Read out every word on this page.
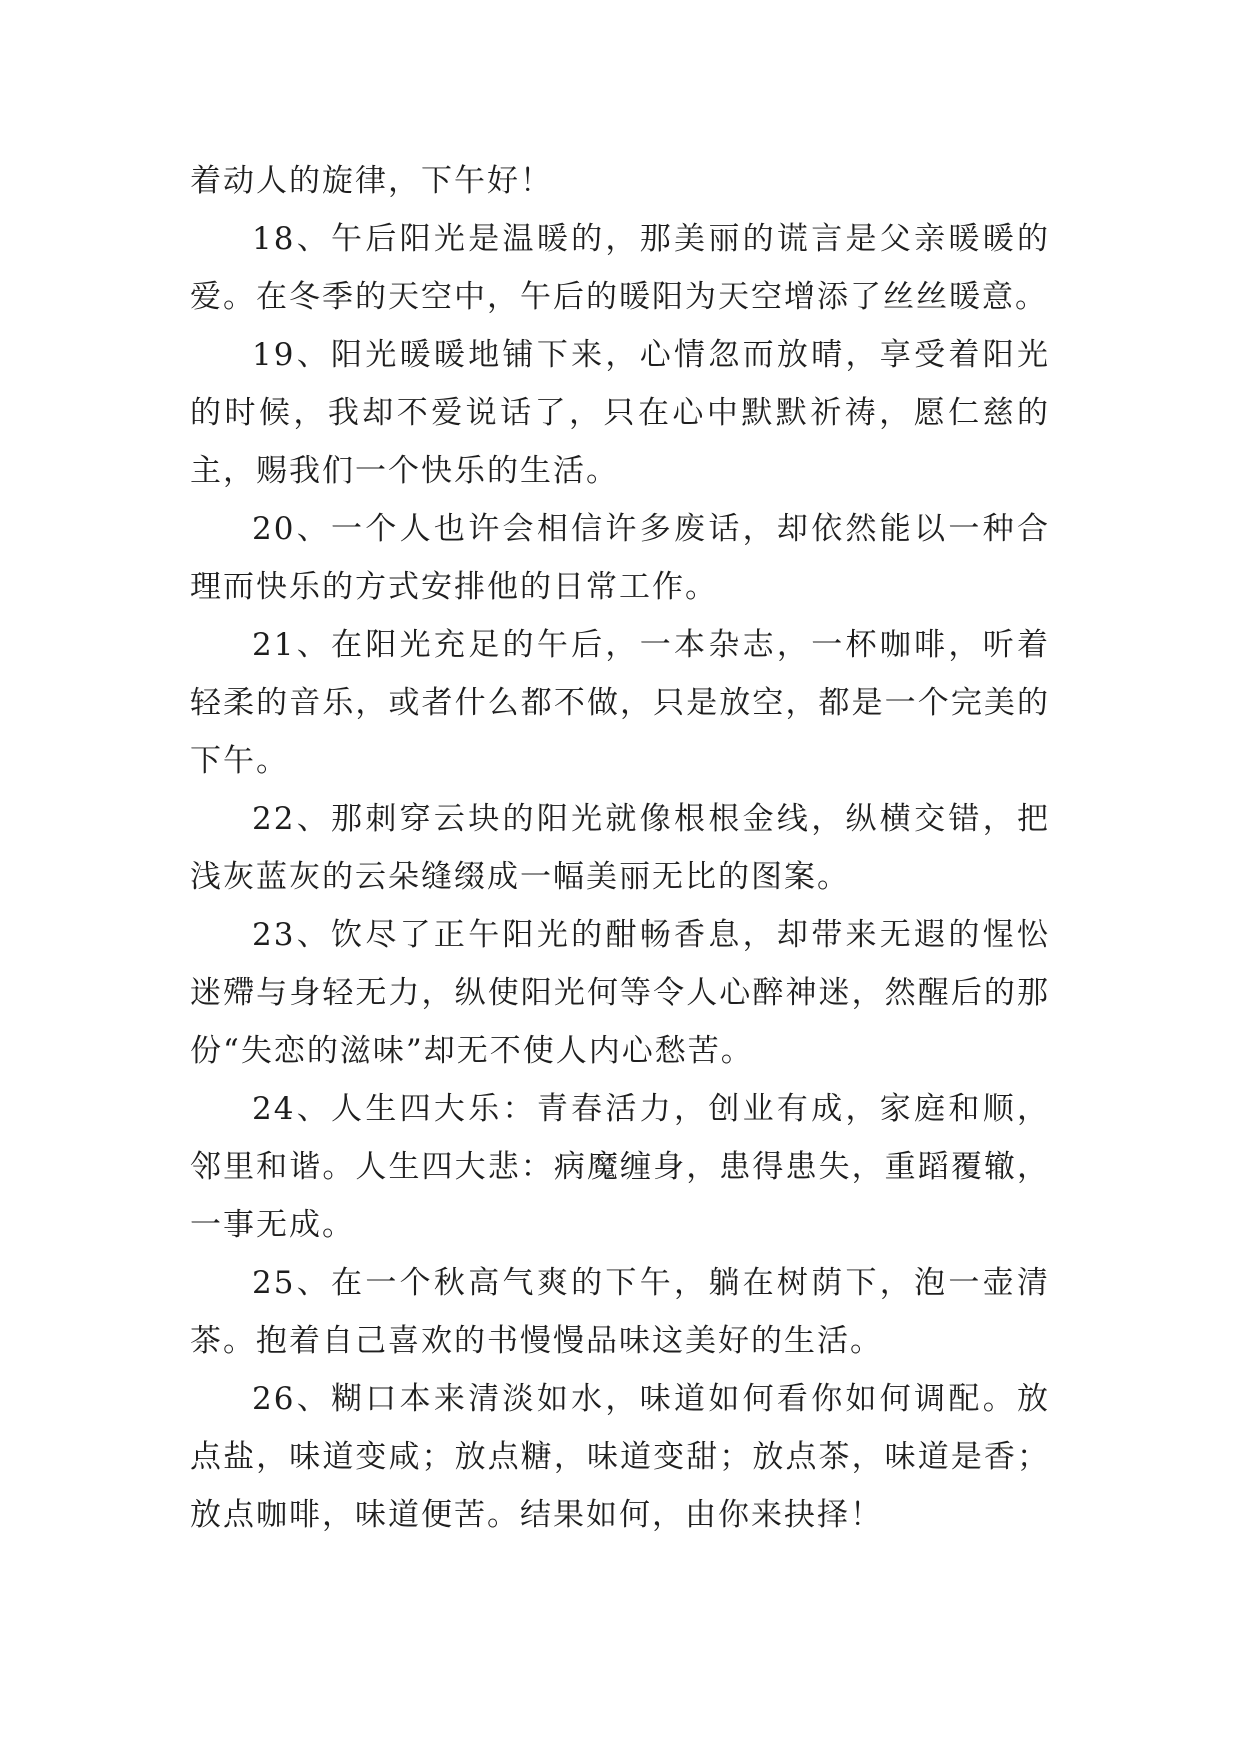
着动人的旋律，下午好！

18、午后阳光是温暖的，那美丽的谎言是父亲暖暖的爱。在冬季的天空中，午后的暖阳为天空增添了丝丝暖意。

19、阳光暖暖地铺下来，心情忽而放晴，享受着阳光的时候，我却不爱说话了，只在心中默默祈祷，愿仁慈的主，赐我们一个快乐的生活。

20、一个人也许会相信许多废话，却依然能以一种合理而快乐的方式安排他的日常工作。

21、在阳光充足的午后，一本杂志，一杯咖啡，听着轻柔的音乐，或者什么都不做，只是放空，都是一个完美的下午。

22、那刺穿云块的阳光就像根根金线，纵横交错，把浅灰蓝灰的云朵缝缀成一幅美丽无比的图案。

23、饮尽了正午阳光的酣畅香息，却带来无遐的惺忪迷殢与身轻无力，纵使阳光何等令人心醉神迷，然醒后的那份“失恋的滋味”却无不使人内心愁苦。

24、人生四大乐：青春活力，创业有成，家庭和顺，邻里和谐。人生四大悲：病魔缠身，患得患失，重蹈覆辙，一事无成。

25、在一个秋高气爽的下午，躺在树荫下，泡一壶清茶。抱着自己喜欢的书慢慢品味这美好的生活。

26、糊口本来清淡如水，味道如何看你如何调配。放点盐，味道变咸；放点糖，味道变甜；放点茶，味道是香；放点咖啡，味道便苦。结果如何，由你来抉择！
